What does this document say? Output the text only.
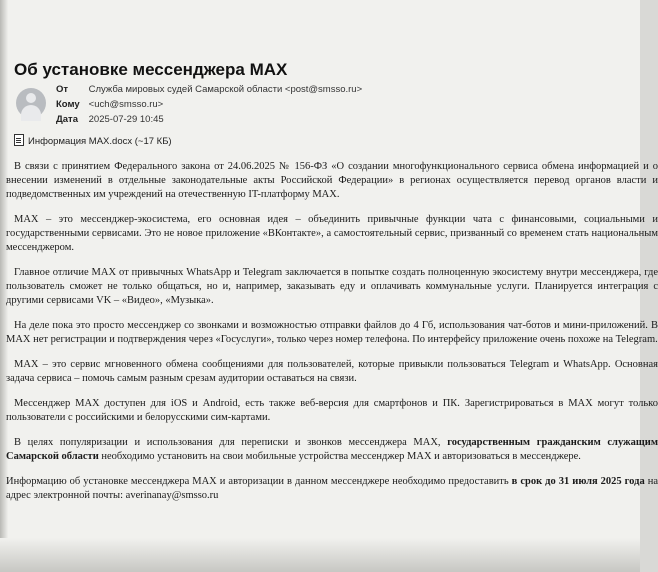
Об установке мессенджера МАХ
От Служба мировых судей Самарской области <post@smsso.ru>
Кому <uch@smsso.ru>
Дата 2025-07-29 10:45
Информация МАХ.docx (~17 КБ)

В связи с принятием Федерального закона от 24.06.2025 № 156-ФЗ «О создании многофункционального сервиса обмена информацией и о внесении изменений в отдельные законодательные акты Российской Федерации» в регионах осуществляется перевод органов власти и подведомственных им учреждений на отечественную IT-платформу МАХ.

МАХ – это мессенджер-экосистема, его основная идея – объединить привычные функции чата с финансовыми, социальными и государственными сервисами. Это не новое приложение «ВКонтакте», а самостоятельный сервис, призванный со временем стать национальным мессенджером.

Главное отличие МАХ от привычных WhatsApp и Telegram заключается в попытке создать полноценную экосистему внутри мессенджера, где пользователь сможет не только общаться, но и, например, заказывать еду и оплачивать коммунальные услуги. Планируется интеграция с другими сервисами VK – «Видео», «Музыка».

На деле пока это просто мессенджер со звонками и возможностью отправки файлов до 4 Гб, использования чат-ботов и мини-приложений. В МАХ нет регистрации и подтверждения через «Госуслуги», только через номер телефона. По интерфейсу приложение очень похоже на Telegram.

МАХ – это сервис мгновенного обмена сообщениями для пользователей, которые привыкли пользоваться Telegram и WhatsApp. Основная задача сервиса – помочь самым разным срезам аудитории оставаться на связи.

Мессенджер МАХ доступен для iOS и Android, есть также веб-версия для смартфонов и ПК. Зарегистрироваться в МАХ могут только пользователи с российскими и белорусскими сим-картами.

В целях популяризации и использования для переписки и звонков мессенджера МАХ, государственным гражданским служащим Самарской области необходимо установить на свои мобильные устройства мессенджер МАХ и авторизоваться в мессенджере.

Информацию об установке мессенджера МАХ и авторизации в данном мессенджере необходимо предоставить в срок до 31 июля 2025 года на адрес электронной почты: averinanay@smsso.ru
